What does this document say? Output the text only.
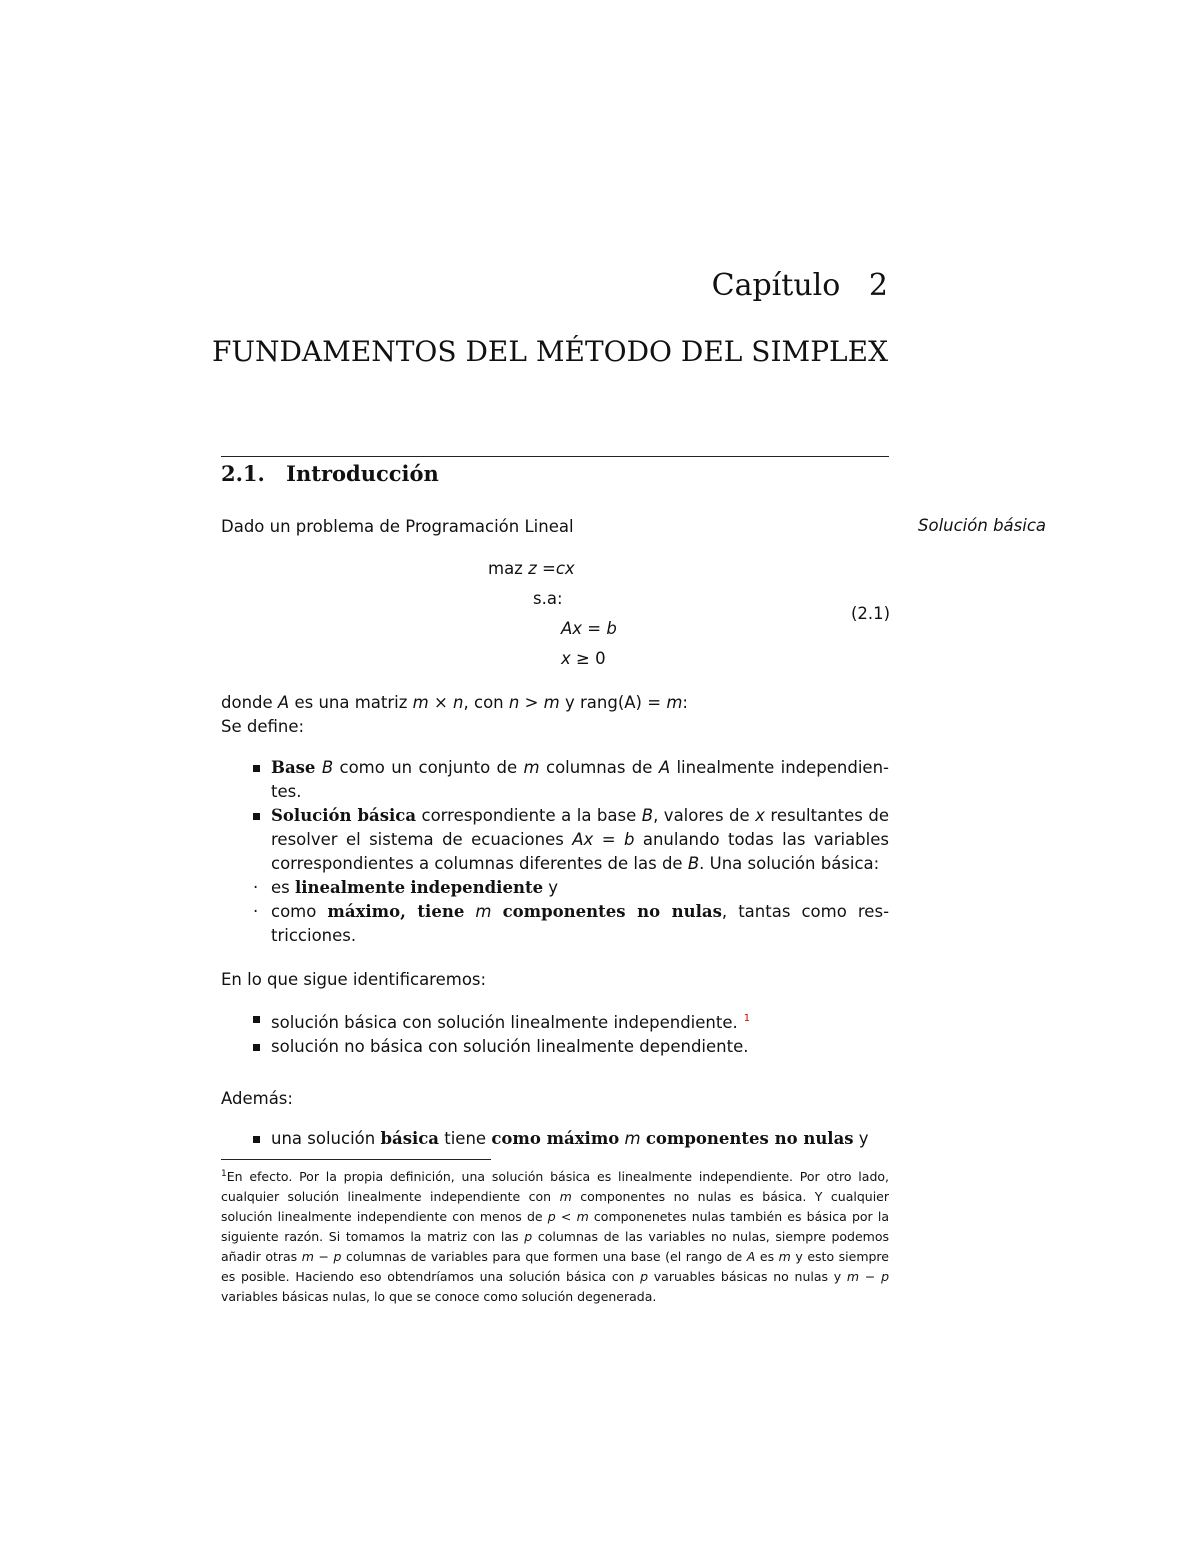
Capítulo 2
FUNDAMENTOS DEL MÉTODO DEL SIMPLEX
2.1. Introducción
Solución básica
Dado un problema de Programación Lineal
maz z =cx
s.a:
Ax = b
x ≥ 0
(2.1)
donde A es una matriz m × n, con n > m y rang(A) = m:
Se define:
Base B como un conjunto de m columnas de A linealmente independientes.
Solución básica correspondiente a la base B, valores de x resultantes de resolver el sistema de ecuaciones Ax = b anulando todas las variables correspondientes a columnas diferentes de las de B. Una solución básica:
· es linealmente independiente y
· como máximo, tiene m componentes no nulas, tantas como restricciones.
En lo que sigue identificaremos:
solución básica con solución linealmente independiente. $^1$
solución no básica con solución linealmente dependiente.
Además:
una solución básica tiene como máximo m componentes no nulas y
$^1$En efecto. Por la propia definición, una solución básica es linealmente independiente. Por otro lado, cualquier solución linealmente independiente con m componentes no nulas es básica. Y cualquier solución linealmente independiente con menos de p < m componenetes nulas también es básica por la siguiente razón. Si tomamos la matriz con las p columnas de las variables no nulas, siempre podemos añadir otras m − p columnas de variables para que formen una base (el rango de A es m y esto siempre es posible. Haciendo eso obtendríamos una solución básica con p varuables básicas no nulas y m − p variables básicas nulas, lo que se conoce como solución degenerada.
